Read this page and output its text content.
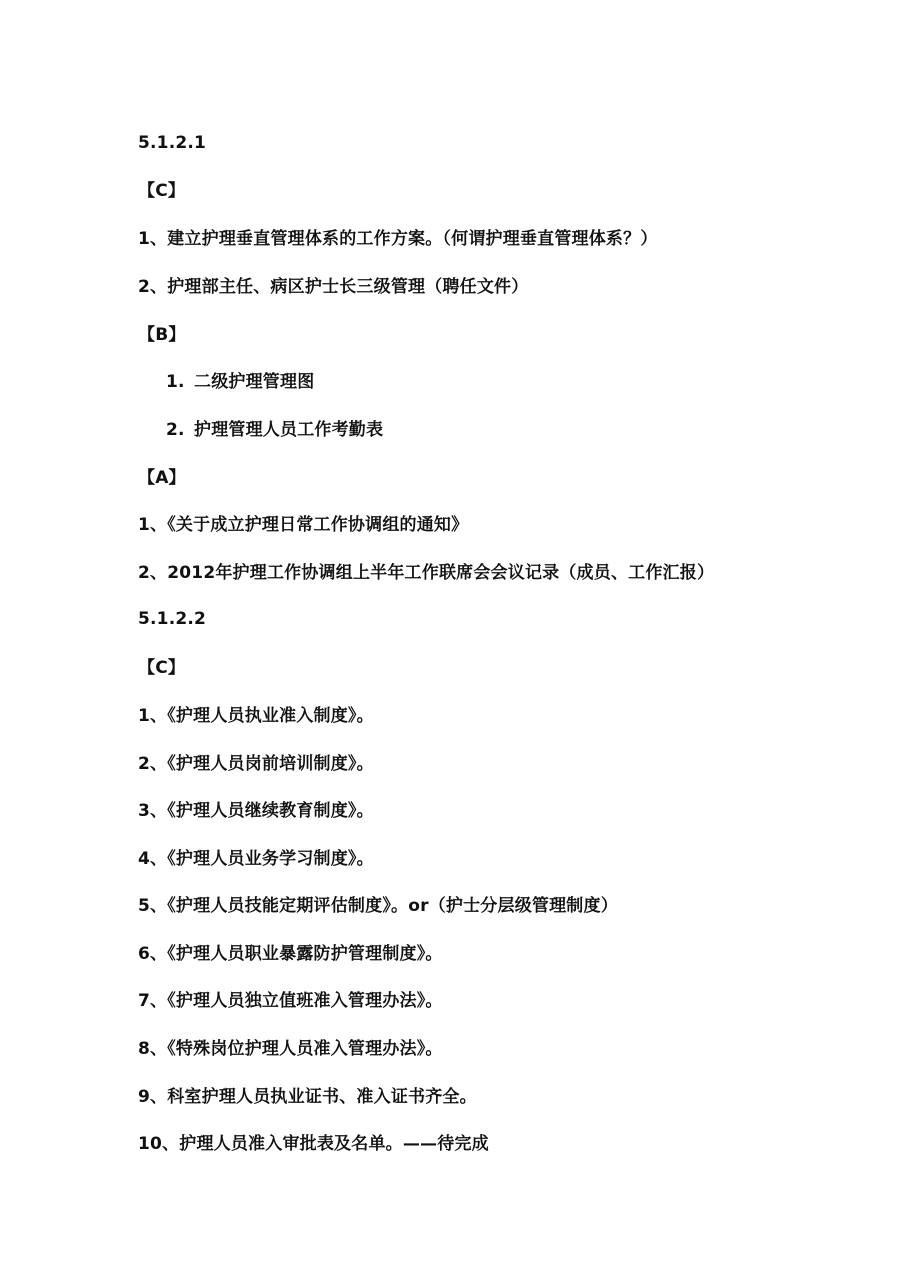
5.1.2.1
【C】
1、建立护理垂直管理体系的工作方案。（何谓护理垂直管理体系？）
2、护理部主任、病区护士长三级管理（聘任文件）
【B】
1. 二级护理管理图
2. 护理管理人员工作考勤表
【A】
1、《关于成立护理日常工作协调组的通知》
2、2012年护理工作协调组上半年工作联席会会议记录（成员、工作汇报）
5.1.2.2
【C】
1、《护理人员执业准入制度》。
2、《护理人员岗前培训制度》。
3、《护理人员继续教育制度》。
4、《护理人员业务学习制度》。
5、《护理人员技能定期评估制度》。or（护士分层级管理制度）
6、《护理人员职业暴露防护管理制度》。
7、《护理人员独立值班准入管理办法》。
8、《特殊岗位护理人员准入管理办法》。
9、科室护理人员执业证书、准入证书齐全。
10、护理人员准入审批表及名单。——待完成
